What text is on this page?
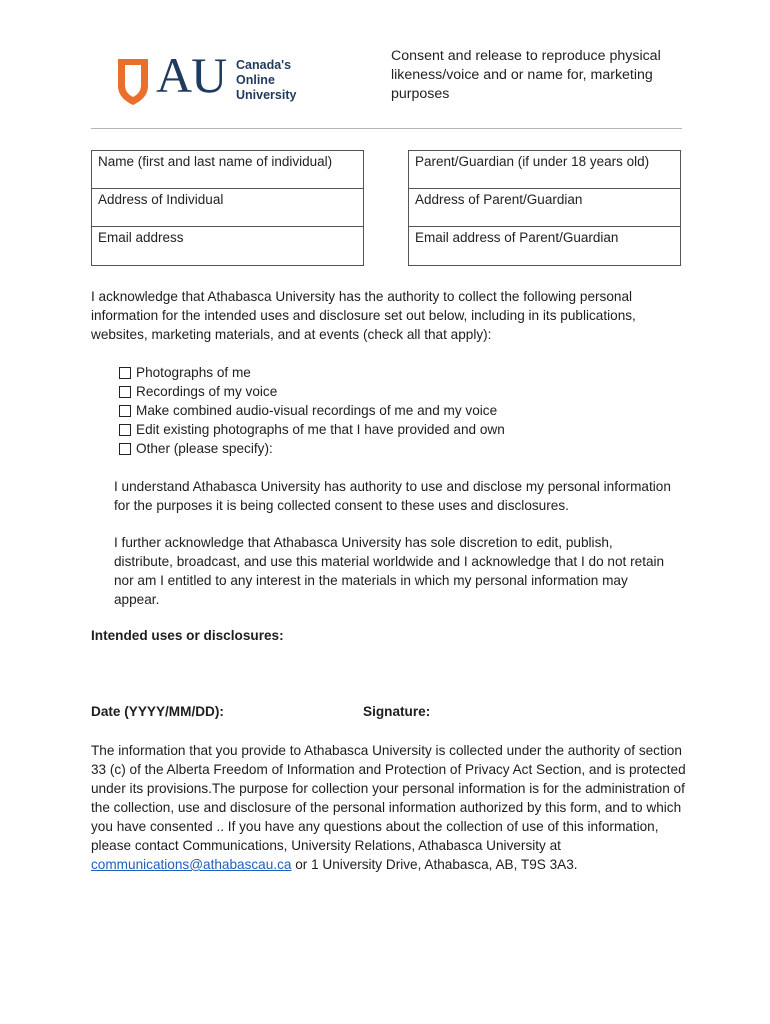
AU Canada's
Online
University
Consent and release to reproduce physical likeness/voice and or name for, marketing purposes
Name (first and last name of individual)
Address of Individual
Email address
Parent/Guardian (if under 18 years old)
Address of Parent/Guardian
Email address of Parent/Guardian
I acknowledge that Athabasca University has the authority to collect the following personal information for the intended uses and disclosure set out below, including in its publications, websites, marketing materials, and at events (check all that apply):
Photographs of me
Recordings of my voice
Make combined audio-visual recordings of me and my voice
Edit existing photographs of me that I have provided and own
Other (please specify):
I understand Athabasca University has authority to use and disclose my personal information for the purposes it is being collected consent to these uses and disclosures.
I further acknowledge that Athabasca University has sole discretion to edit, publish, distribute, broadcast, and use this material worldwide and I acknowledge that I do not retain nor am I entitled to any interest in the materials in which my personal information may appear.
Intended uses or disclosures:
Date (YYYY/MM/DD):	Signature:
The information that you provide to Athabasca University is collected under the authority of section 33 (c) of the Alberta Freedom of Information and Protection of Privacy Act Section, and is protected under its provisions.The purpose for collection your personal information is for the administration of the collection, use and disclosure of the personal information authorized by this form, and to which you have consented .. If you have any questions about the collection of use of this information, please contact Communications, University Relations, Athabasca University at communications@athabascau.ca or 1 University Drive, Athabasca, AB, T9S 3A3.
